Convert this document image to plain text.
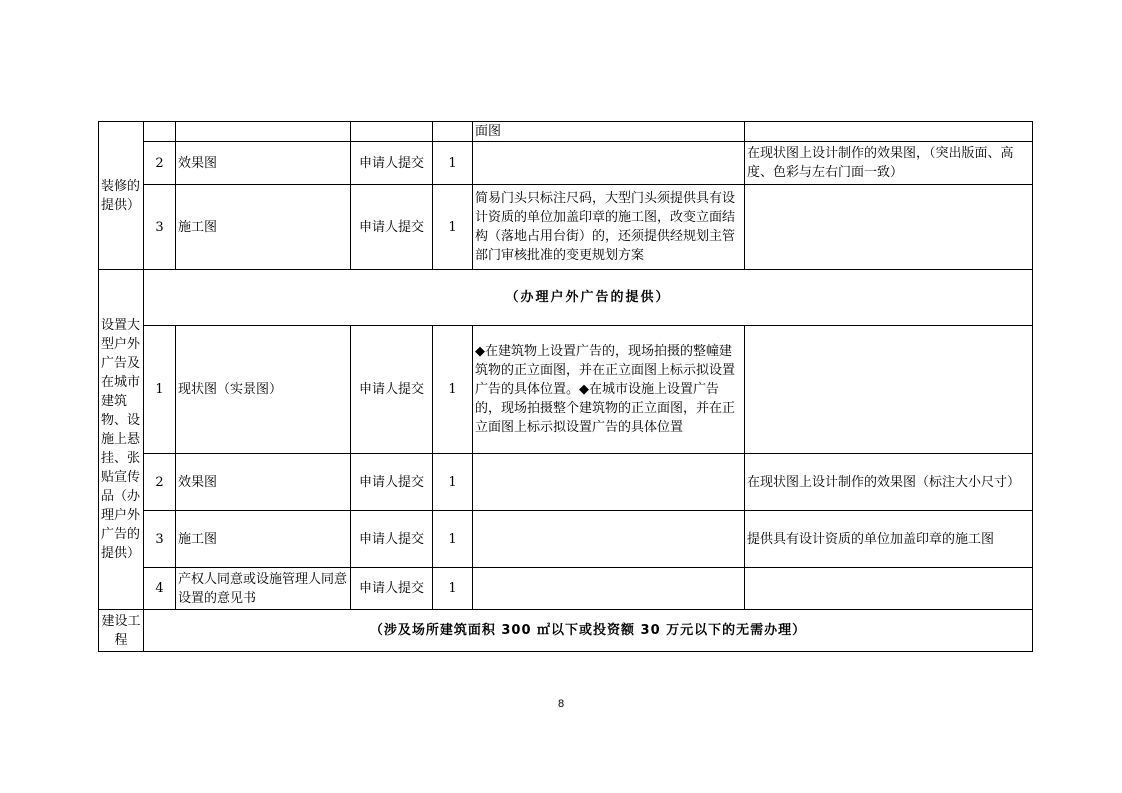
装修的提供）					面图	
	2	效果图	申请人提交	1		在现状图上设计制作的效果图，（突出版面、高度、色彩与左右门面一致）
	3	施工图	申请人提交	1	简易门头只标注尺码，大型门头须提供具有设计资质的单位加盖印章的施工图，改变立面结构（落地占用台街）的，还须提供经规划主管部门审核批准的变更规划方案	
设置大型户外广告及在城市建筑物、设施上悬挂、张贴宣传品（办理户外广告的提供）	（办理户外广告的提供）					
	1	现状图（实景图）	申请人提交	1	◆在建筑物上设置广告的，现场拍摄的整幢建筑物的正立面图，并在正立面图上标示拟设置广告的具体位置。◆在城市设施上设置广告的，现场拍摄整个建筑物的正立面图，并在正立面图上标示拟设置广告的具体位置	
	2	效果图	申请人提交	1		在现状图上设计制作的效果图（标注大小尺寸）
	3	施工图	申请人提交	1		提供具有设计资质的单位加盖印章的施工图
	4	产权人同意或设施管理人同意设置的意见书	申请人提交	1		
建设工程	（涉及场所建筑面积 300 ㎡以下或投资额 30 万元以下的无需办理）					
8
